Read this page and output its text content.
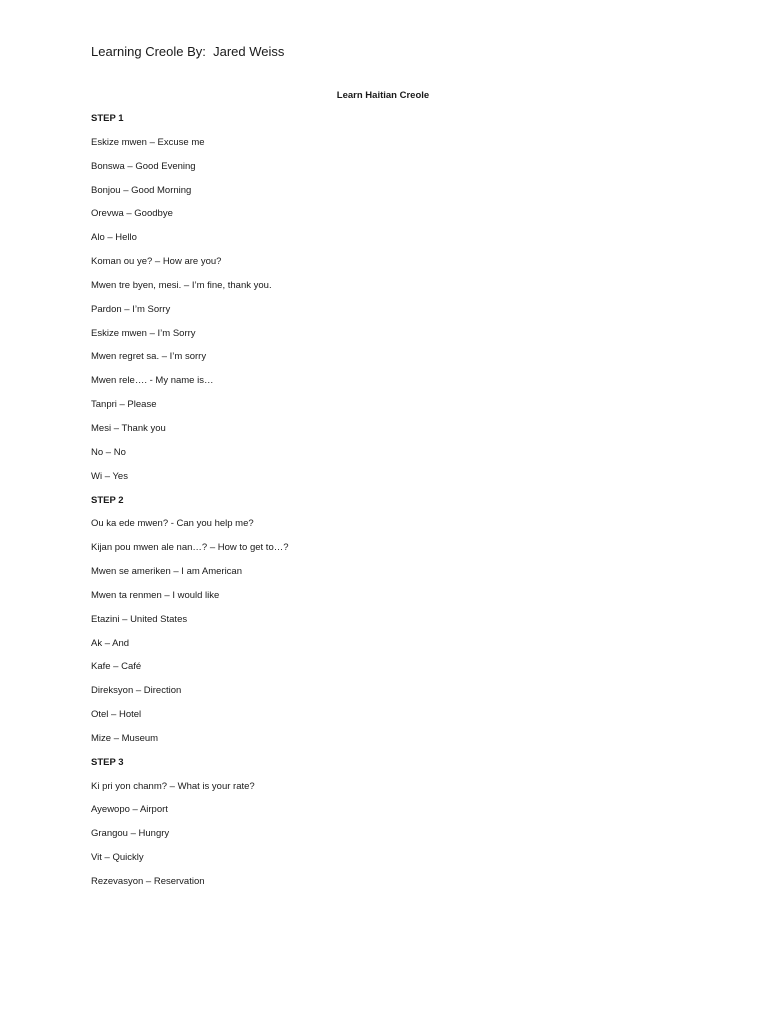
Learning Creole By:  Jared Weiss
Learn Haitian Creole
STEP 1
Eskize mwen – Excuse me
Bonswa – Good Evening
Bonjou – Good Morning
Orevwa – Goodbye
Alo – Hello
Koman ou ye? – How are you?
Mwen tre byen, mesi. – I’m fine, thank you.
Pardon – I’m Sorry
Eskize mwen – I’m Sorry
Mwen regret sa. – I’m sorry
Mwen rele…. - My name is…
Tanpri – Please
Mesi – Thank you
No – No
Wi – Yes
STEP 2
Ou ka ede mwen? - Can you help me?
Kijan pou mwen ale nan…? – How to get to…?
Mwen se ameriken – I am American
Mwen ta renmen – I would like
Etazini – United States
Ak – And
Kafe – Café
Direksyon – Direction
Otel – Hotel
Mize – Museum
STEP 3
Ki pri yon chanm? – What is your rate?
Ayewopo – Airport
Grangou – Hungry
Vit – Quickly
Rezevasyon – Reservation
